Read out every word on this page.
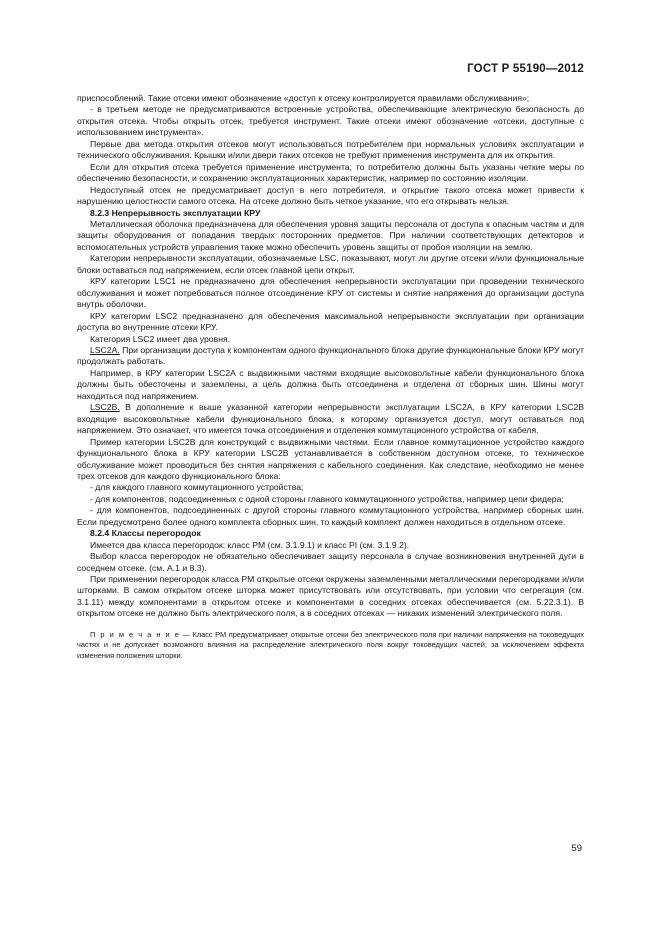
ГОСТ Р 55190—2012

приспособлений. Такие отсеки имеют обозначение «доступ к отсеку контролируется правилами обслуживания»;

- в третьем методе не предусматриваются встроенные устройства, обеспечивающие электрическую безопасность до открытия отсека. Чтобы открыть отсек, требуется инструмент. Такие отсеки имеют обозначение «отсеки, доступные с использованием инструмента».

Первые два метода открытия отсеков могут использоваться потребителем при нормальных условиях эксплуатации и технического обслуживания. Крышки и/или двери таких отсеков не требуют применения инструмента для их открытия.

Если для открытия отсека требуется применение инструмента, то потребителю должны быть указаны четкие меры по обеспечению безопасности, и сохранению эксплуатационных характеристик, например по состоянию изоляции.

Недоступный отсек не предусматривает доступ в него потребителя, и открытие такого отсека может привести к нарушению целостности самого отсека. На отсеке должно быть четкое указание, что его открывать нельзя.

8.2.3 Непрерывность эксплуатации КРУ

Металлическая оболочка предназначена для обеспечения уровня защиты персонала от доступа к опасным частям и для защиты оборудования от попадания твердых посторонних предметов. При наличии соответствующих детекторов и вспомогательных устройств управления также можно обеспечить уровень защиты от пробоя изоляции на землю.

Категории непрерывности эксплуатации, обозначаемые LSC, показывают, могут ли другие отсеки и/или функциональные блоки оставаться под напряжением, если отсек главной цепи открыт.

КРУ категории LSC1 не предназначено для обеспечения непрерывности эксплуатации при проведении технического обслуживания и может потребоваться полное отсоединение КРУ от системы и снятие напряжения до организации доступа внутрь оболочки.

КРУ категории LSC2 предназначено для обеспечения максимальной непрерывности эксплуатации при организации доступа во внутренние отсеки КРУ.

Категория LSC2 имеет два уровня.

LSC2A. При организации доступа к компонентам одного функционального блока другие функциональные блоки КРУ могут продолжать работать.

Например, в КРУ категории LSC2A с выдвижными частями входящие высоковольтные кабели функционального блока должны быть обесточены и заземлены, а цель должна быть отсоединена и отделена от сборных шин. Шины могут находиться под напряжением.

LSC2B. В дополнение к выше указанной категории непрерывности эксплуатации LSC2A, в КРУ категории LSC2B входящие высоковольтные кабели функционального блока, к которому организуется доступ, могут оставаться под напряжением. Это означает, что имеется точка отсоединения и отделения коммутационного устройства от кабеля.

Пример категории LSC2B для конструкций с выдвижными частями. Если главное коммутационное устройство каждого функционального блока в КРУ категории LSC2B устанавливается в собственном доступном отсеке, то техническое обслуживание может проводиться без снятия напряжения с кабельного соединения. Как следствие, необходимо не менее трех отсеков для каждого функционального блока:

- для каждого главного коммутационного устройства;

- для компонентов, подсоединенных с одной стороны главного коммутационного устройства, например цепи фидера;

- для компонентов, подсоединенных с другой стороны главного коммутационного устройства, например сборных шин. Если предусмотрено более одного комплекта сборных шин, то каждый комплект должен находиться в отдельном отсеке.

8.2.4 Классы перегородок

Имеется два класса перегородок: класс PM (см. 3.1.9.1) и класс PI (см. 3.1.9.2).

Выбор класса перегородок не обязательно обеспечивает защиту персонала в случае возникновения внутренней дуги в соседнем отсеке. (см. A.1 и 8.3).

При применении перегородок класса PM открытые отсеки окружены заземленными металлическими перегородками и/или шторками. В самом открытом отсеке шторка может присутствовать или отсутствовать, при условии что сегрегация (см. 3.1.11) между компонентами в открытом отсеке и компонентами в соседних отсеках обеспечивается (см. 5.22.3.1). В открытом отсеке не должно быть электрического поля, а в соседних отсеках — никаких изменений электрического поля.

П р и м е ч а н и е — Класс PM предусматривает открытые отсеки без электрического поля при наличии напряжения на токоведущих частях и не допускает возможного влияния на распределение электрического поля вокруг токоведущих частей, за исключением эффекта изменения положения шторки.

59
